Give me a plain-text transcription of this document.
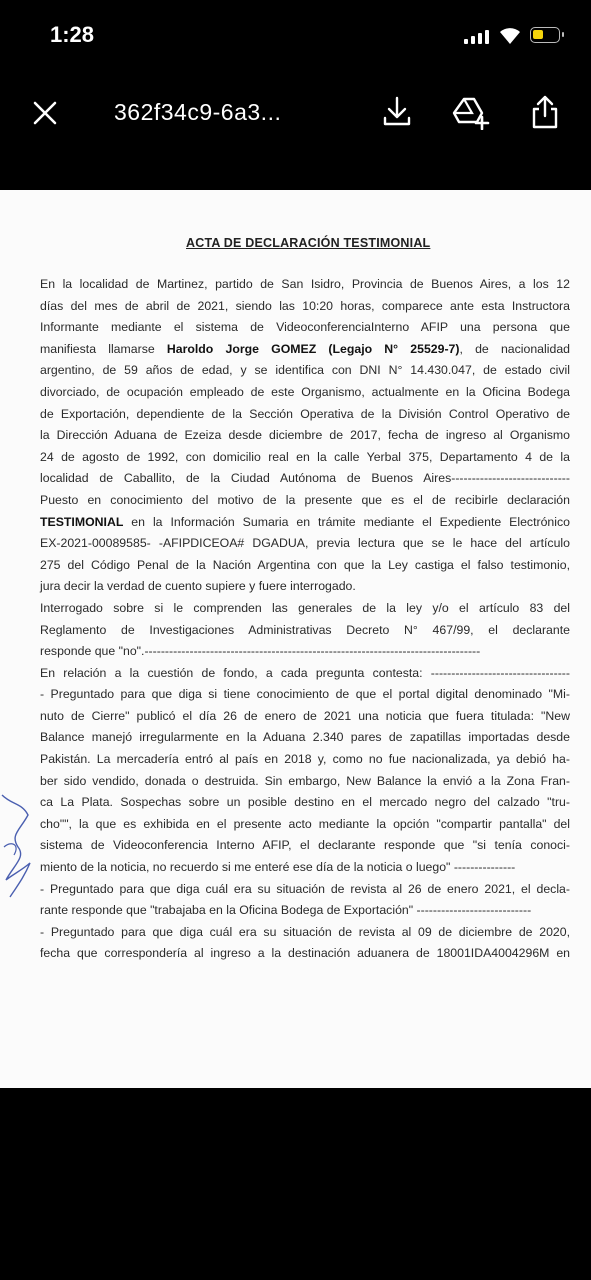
1:28
362f34c9-6a3...
ACTA DE DECLARACIÓN TESTIMONIAL
En la localidad de Martinez, partido de San Isidro, Provincia de Buenos Aires, a los 12
días del mes de abril de 2021, siendo las 10:20 horas, comparece ante esta Instructora
Informante mediante el sistema de VideoconferenciaInterno AFIP una persona que
manifiesta llamarse Haroldo Jorge GOMEZ (Legajo N° 25529-7), de nacionalidad
argentino, de 59 años de edad, y se identifica con DNI N° 14.430.047, de estado civil
divorciado, de ocupación empleado de este Organismo, actualmente en la Oficina Bodega
de Exportación, dependiente de la Sección Operativa de la División Control Operativo de
la Dirección Aduana de Ezeiza desde diciembre de 2017, fecha de ingreso al Organismo
24 de agosto de 1992, con domicilio real en la calle Yerbal 375, Departamento 4 de la
localidad de Caballito, de la Ciudad Autónoma de Buenos Aires-----------------------------
Puesto en conocimiento del motivo de la presente que es el de recibirle declaración
TESTIMONIAL en la Información Sumaria en trámite mediante el Expediente Electrónico
EX-2021-00089585- -AFIPDICEOA# DGADUA, previa lectura que se le hace del artículo
275 del Código Penal de la Nación Argentina con que la Ley castiga el falso testimonio,
jura decir la verdad de cuento supiere y fuere interrogado.
Interrogado sobre si le comprenden las generales de la ley y/o el artículo 83 del
Reglamento de Investigaciones Administrativas Decreto N° 467/99, el declarante
responde que "no".----------------------------------------------------------------------------------
En relación a la cuestión de fondo, a cada pregunta contesta: ----------------------------------
- Preguntado para que diga si tiene conocimiento de que el portal digital denominado "Mi-
nuto de Cierre" publicó el día 26 de enero de 2021 una noticia que fuera titulada: "New
Balance manejó irregularmente en la Aduana 2.340 pares de zapatillas importadas desde
Pakistán. La mercadería entró al país en 2018 y, como no fue nacionalizada, ya debió ha-
ber sido vendido, donada o destruida. Sin embargo, New Balance la envió a la Zona Fran-
ca La Plata. Sospechas sobre un posible destino en el mercado negro del calzado "tru-
cho"", la que es exhibida en el presente acto mediante la opción "compartir pantalla" del
sistema de Videoconferencia Interno AFIP, el declarante responde que "si tenía conoci-
miento de la noticia, no recuerdo si me enteré ese día de la noticia o luego" ---------------
- Preguntado para que diga cuál era su situación de revista al 26 de enero 2021, el decla-
rante responde que "trabajaba en la Oficina Bodega de Exportación" ----------------------------
- Preguntado para que diga cuál era su situación de revista al 09 de diciembre de 2020,
fecha que correspondería al ingreso a la destinación aduanera de 18001IDA4004296M en
